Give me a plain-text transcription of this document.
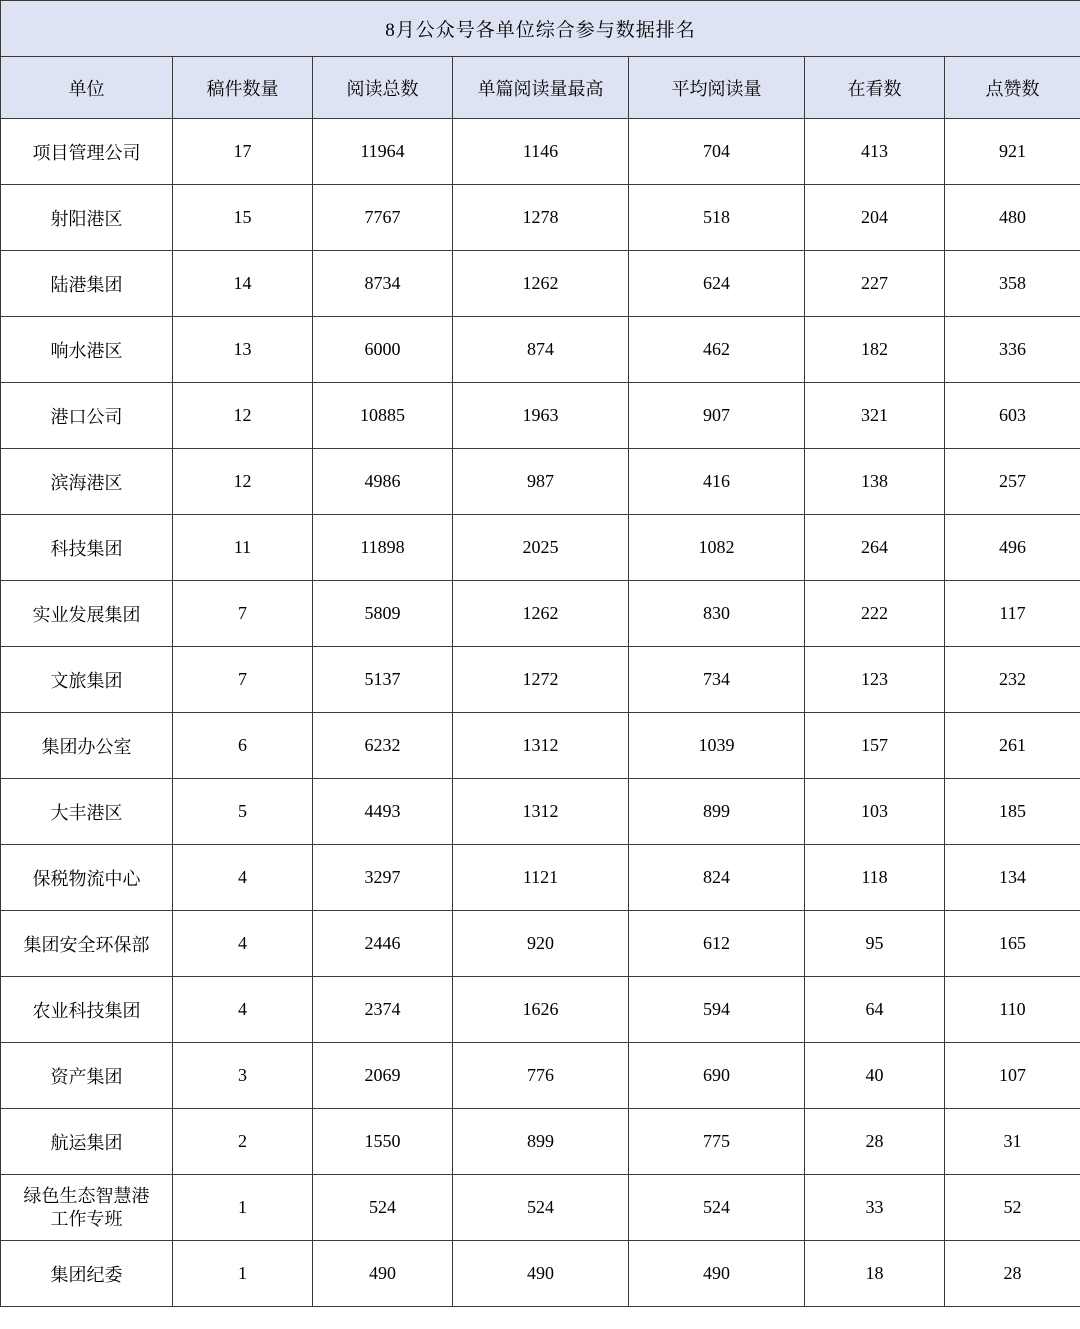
8月公众号各单位综合参与数据排名						
单位	稿件数量	阅读总数	单篇阅读量最高	平均阅读量	在看数	点赞数
项目管理公司	17	11964	1146	704	413	921
射阳港区	15	7767	1278	518	204	480
陆港集团	14	8734	1262	624	227	358
响水港区	13	6000	874	462	182	336
港口公司	12	10885	1963	907	321	603
滨海港区	12	4986	987	416	138	257
科技集团	11	11898	2025	1082	264	496
实业发展集团	7	5809	1262	830	222	117
文旅集团	7	5137	1272	734	123	232
集团办公室	6	6232	1312	1039	157	261
大丰港区	5	4493	1312	899	103	185
保税物流中心	4	3297	1121	824	118	134
集团安全环保部	4	2446	920	612	95	165
农业科技集团	4	2374	1626	594	64	110
资产集团	3	2069	776	690	40	107
航运集团	2	1550	899	775	28	31
绿色生态智慧港
工作专班	1	524	524	524	33	52
集团纪委	1	490	490	490	18	28
